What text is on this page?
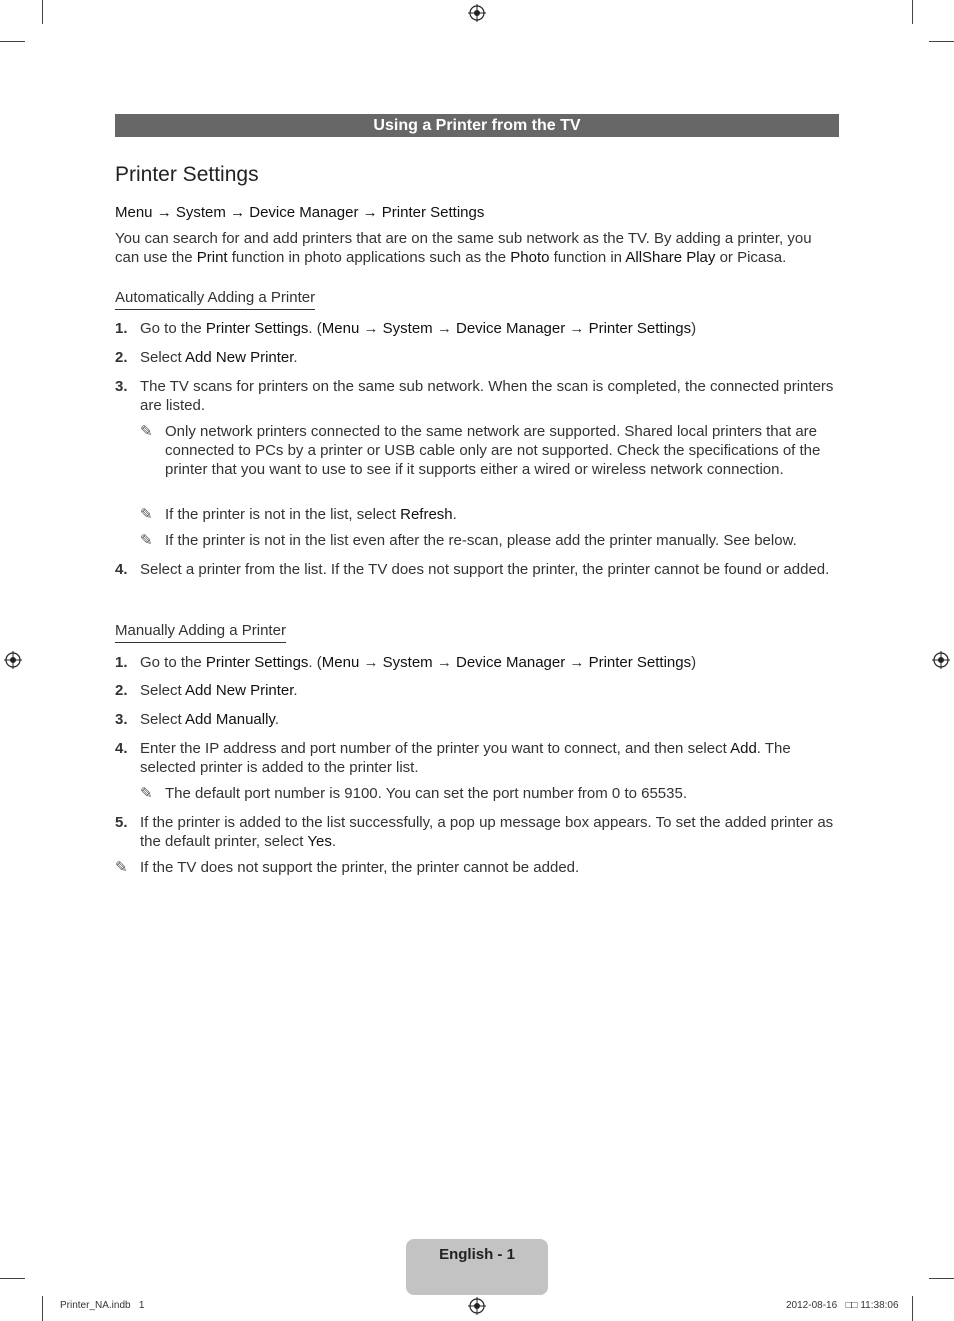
Using a Printer from the TV
Printer Settings

Menu → System → Device Manager → Printer Settings

You can search for and add printers that are on the same sub network as the TV. By adding a printer, you can use the Print function in photo applications such as the Photo function in AllShare Play or Picasa.

Automatically Adding a Printer
1. Go to the Printer Settings. (Menu → System → Device Manager → Printer Settings)
2. Select Add New Printer.
3. The TV scans for printers on the same sub network. When the scan is completed, the connected printers are listed.
✎ Only network printers connected to the same network are supported. Shared local printers that are connected to PCs by a printer or USB cable only are not supported. Check the specifications of the printer that you want to use to see if it supports either a wired or wireless network connection.
✎ If the printer is not in the list, select Refresh.
✎ If the printer is not in the list even after the re-scan, please add the printer manually. See below.
4. Select a printer from the list. If the TV does not support the printer, the printer cannot be found or added.
Manually Adding a Printer
1. Go to the Printer Settings. (Menu → System → Device Manager → Printer Settings)
2. Select Add New Printer.
3. Select Add Manually.
4. Enter the IP address and port number of the printer you want to connect, and then select Add. The selected printer is added to the printer list.
✎ The default port number is 9100. You can set the port number from 0 to 65535.
5. If the printer is added to the list successfully, a pop up message box appears. To set the added printer as the default printer, select Yes.
✎ If the TV does not support the printer, the printer cannot be added.
English - 1
Printer_NA.indb   1	2012-08-16   □□ 11:38:06
